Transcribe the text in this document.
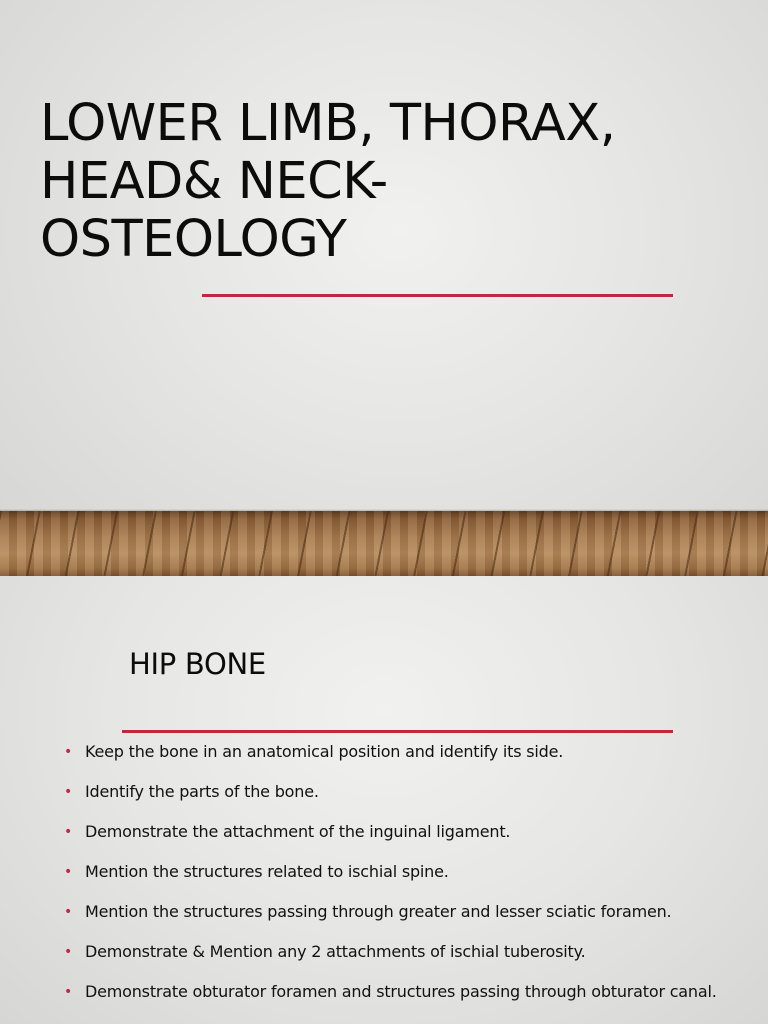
LOWER LIMB, THORAX,
HEAD& NECK-
OSTEOLOGY
HIP BONE
• Keep the bone in an anatomical position and identify its side.
• Identify the parts of the bone.
• Demonstrate the attachment of the inguinal ligament.
• Mention the structures related to ischial spine.
• Mention the structures passing through greater and lesser sciatic foramen.
• Demonstrate & Mention any 2 attachments of ischial tuberosity.
• Demonstrate obturator foramen and structures passing through obturator canal.
